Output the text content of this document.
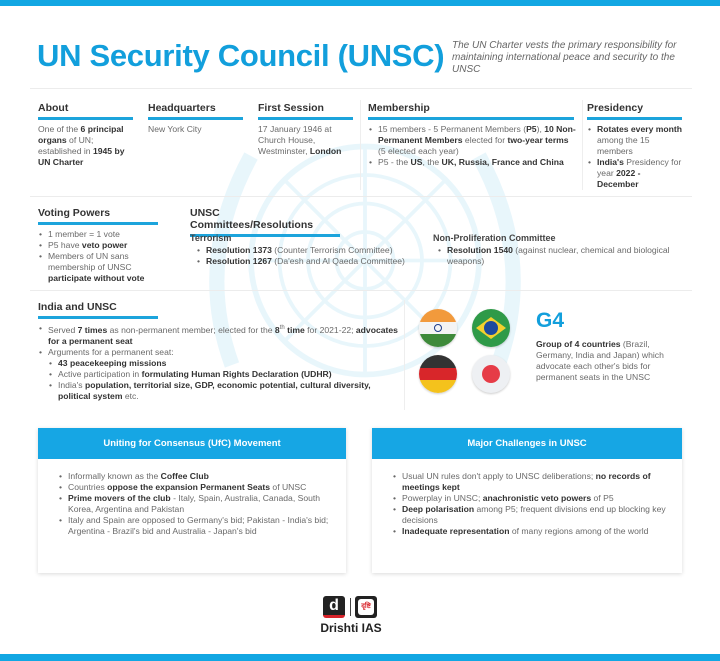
UN Security Council (UNSC) The UN Charter vests the primary responsibility for maintaining international peace and security to the UNSC
About
One of the 6 principal organs of UN; established in 1945 by UN Charter
Headquarters
New York City
First Session
17 January 1946 at Church House, Westminster, London
Membership
• 15 members - 5 Permanent Members (P5), 10 Non-Permanent Members elected for two-year terms (5 elected each year)
• P5 - the US, the UK, Russia, France and China
Presidency
• Rotates every month among the 15 members
• India's Presidency for year 2022 - December
Voting Powers
• 1 member = 1 vote
• P5 have veto power
• Members of UN sans membership of UNSC participate without vote
UNSC Committees/Resolutions
Terrorism
• Resolution 1373 (Counter Terrorism Committee)
• Resolution 1267 (Da'esh and Al Qaeda Committee)
Non-Proliferation Committee
• Resolution 1540 (against nuclear, chemical and biological weapons)
India and UNSC
• Served 7 times as non-permanent member; elected for the 8th time for 2021-22; advocates for a permanent seat
• Arguments for a permanent seat:
• 43 peacekeeping missions
• Active participation in formulating Human Rights Declaration (UDHR)
• India's population, territorial size, GDP, economic potential, cultural diversity, political system etc.
G4
Group of 4 countries (Brazil, Germany, India and Japan) which advocate each other's bids for permanent seats in the UNSC
Uniting for Consensus (UfC) Movement
• Informally known as the Coffee Club
• Countries oppose the expansion Permanent Seats of UNSC
• Prime movers of the club - Italy, Spain, Australia, Canada, South Korea, Argentina and Pakistan
• Italy and Spain are opposed to Germany's bid; Pakistan - India's bid; Argentina - Brazil's bid and Australia - Japan's bid
Major Challenges in UNSC
• Usual UN rules don't apply to UNSC deliberations; no records of meetings kept
• Powerplay in UNSC; anachronistic veto powers of P5
• Deep polarisation among P5; frequent divisions end up blocking key decisions
• Inadequate representation of many regions among of the world
d	दृष्टि
Drishti IAS
